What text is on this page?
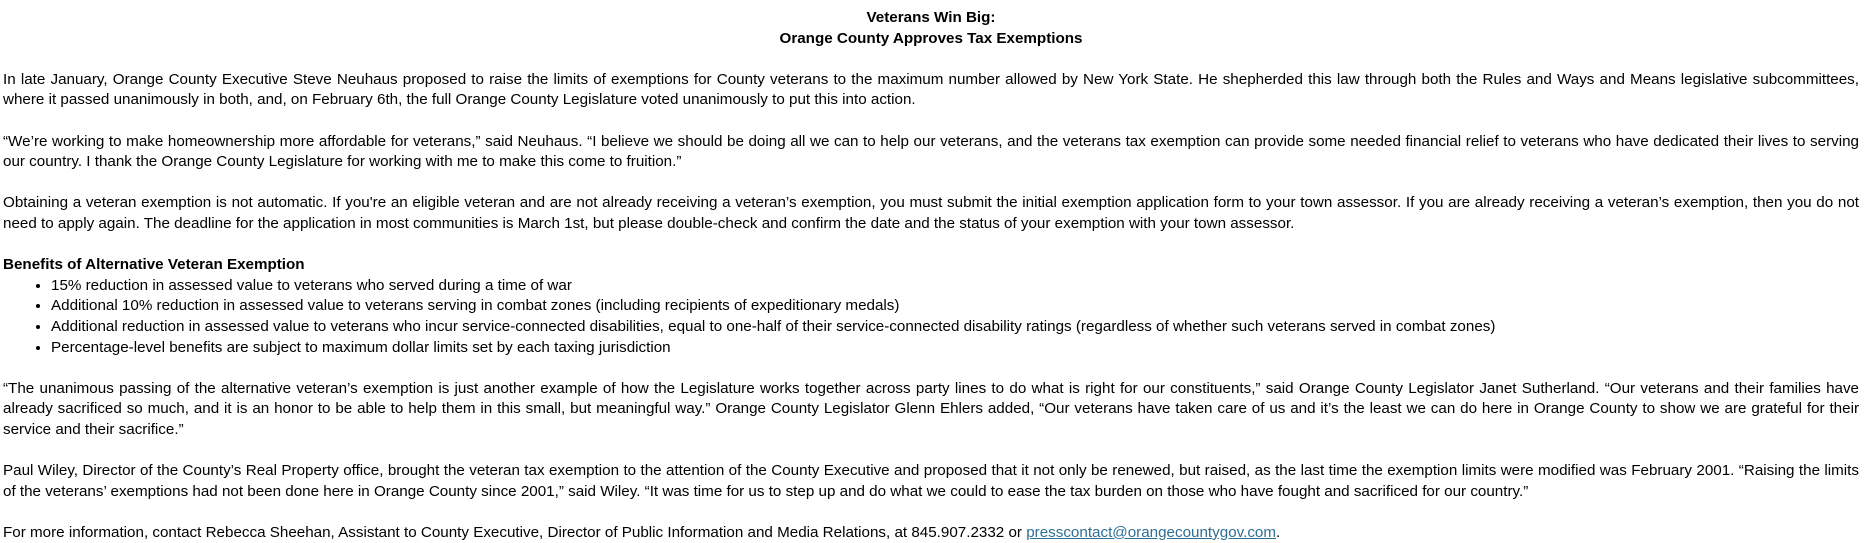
Veterans Win Big:
Orange County Approves Tax Exemptions

In late January, Orange County Executive Steve Neuhaus proposed to raise the limits of exemptions for County veterans to the maximum number allowed by New York State. He shepherded this law through both the Rules and Ways and Means legislative subcommittees, where it passed unanimously in both, and, on February 6th, the full Orange County Legislature voted unanimously to put this into action.

“We’re working to make homeownership more affordable for veterans,” said Neuhaus. “I believe we should be doing all we can to help our veterans, and the veterans tax exemption can provide some needed financial relief to veterans who have dedicated their lives to serving our country. I thank the Orange County Legislature for working with me to make this come to fruition.”

Obtaining a veteran exemption is not automatic. If you're an eligible veteran and are not already receiving a veteran’s exemption, you must submit the initial exemption application form to your town assessor. If you are already receiving a veteran’s exemption, then you do not need to apply again. The deadline for the application in most communities is March 1st, but please double-check and confirm the date and the status of your exemption with your town assessor.

Benefits of Alternative Veteran Exemption
• 15% reduction in assessed value to veterans who served during a time of war
• Additional 10% reduction in assessed value to veterans serving in combat zones (including recipients of expeditionary medals)
• Additional reduction in assessed value to veterans who incur service-connected disabilities, equal to one-half of their service-connected disability ratings (regardless of whether such veterans served in combat zones)
• Percentage-level benefits are subject to maximum dollar limits set by each taxing jurisdiction

“The unanimous passing of the alternative veteran’s exemption is just another example of how the Legislature works together across party lines to do what is right for our constituents,” said Orange County Legislator Janet Sutherland. “Our veterans and their families have already sacrificed so much, and it is an honor to be able to help them in this small, but meaningful way.” Orange County Legislator Glenn Ehlers added, “Our veterans have taken care of us and it’s the least we can do here in Orange County to show we are grateful for their service and their sacrifice.”

Paul Wiley, Director of the County’s Real Property office, brought the veteran tax exemption to the attention of the County Executive and proposed that it not only be renewed, but raised, as the last time the exemption limits were modified was February 2001. “Raising the limits of the veterans’ exemptions had not been done here in Orange County since 2001,” said Wiley. “It was time for us to step up and do what we could to ease the tax burden on those who have fought and sacrificed for our country.”

For more information, contact Rebecca Sheehan, Assistant to County Executive, Director of Public Information and Media Relations, at 845.907.2332 or presscontact@orangecountygov.com.
